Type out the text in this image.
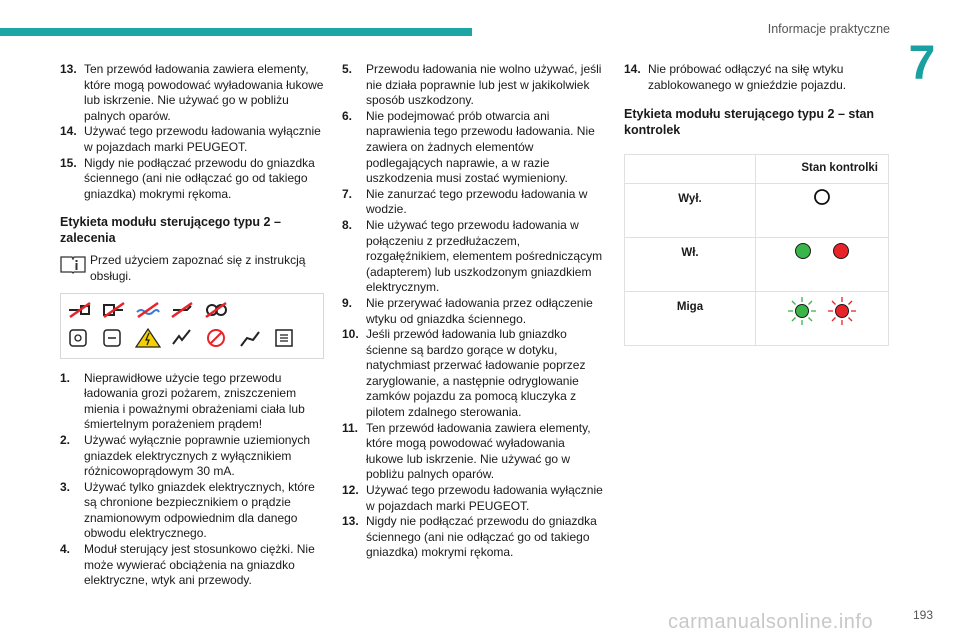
Informacje praktyczne
7
13. Ten przewód ładowania zawiera elementy, które mogą powodować wyładowania łukowe lub iskrzenie. Nie używać go w pobliżu palnych oparów.
14. Używać tego przewodu ładowania wyłącznie w pojazdach marki PEUGEOT.
15. Nigdy nie podłączać przewodu do gniazdka ściennego (ani nie odłączać go od takiego gniazdka) mokrymi rękoma.
Etykieta modułu sterującego typu 2 – zalecenia
Przed użyciem zapoznać się z instrukcją obsługi.
1.	Nieprawidłowe użycie tego przewodu ładowania grozi pożarem, zniszczeniem mienia i poważnymi obrażeniami ciała lub śmiertelnym porażeniem prądem!
2.	Używać wyłącznie poprawnie uziemionych gniazdek elektrycznych z wyłącznikiem różnicowoprądowym 30 mA.
3.	Używać tylko gniazdek elektrycznych, które są chronione bezpiecznikiem o prądzie znamionowym odpowiednim dla danego obwodu elektrycznego.
4.	Moduł sterujący jest stosunkowo ciężki. Nie może wywierać obciążenia na gniazdko elektryczne, wtyk ani przewody.
5.	Przewodu ładowania nie wolno używać, jeśli nie działa poprawnie lub jest w jakikolwiek sposób uszkodzony.
6.	Nie podejmować prób otwarcia ani naprawienia tego przewodu ładowania. Nie zawiera on żadnych elementów podlegających naprawie, a w razie uszkodzenia musi zostać wymieniony.
7.	Nie zanurzać tego przewodu ładowania w wodzie.
8.	Nie używać tego przewodu ładowania w połączeniu z przedłużaczem, rozgałęźnikiem, elementem pośredniczącym (adapterem) lub uszkodzonym gniazdkiem elektrycznym.
9.	Nie przerywać ładowania przez odłączenie wtyku od gniazdka ściennego.
10. Jeśli przewód ładowania lub gniazdko ścienne są bardzo gorące w dotyku, natychmiast przerwać ładowanie poprzez zaryglowanie, a następnie odryglowanie zamków pojazdu za pomocą kluczyka z pilotem zdalnego sterowania.
11. Ten przewód ładowania zawiera elementy, które mogą powodować wyładowania łukowe lub iskrzenie. Nie używać go w pobliżu palnych oparów.
12. Używać tego przewodu ładowania wyłącznie w pojazdach marki PEUGEOT.
13. Nigdy nie podłączać przewodu do gniazdka ściennego (ani nie odłączać go od takiego gniazdka) mokrymi rękoma.
14. Nie próbować odłączyć na siłę wtyku zablokowanego w gnieździe pojazdu.
Etykieta modułu sterującego typu 2 – stan kontrolek
	Stan kontrolki
Wył.	
Wł.	
Miga	
193
carmanualsonline.info
